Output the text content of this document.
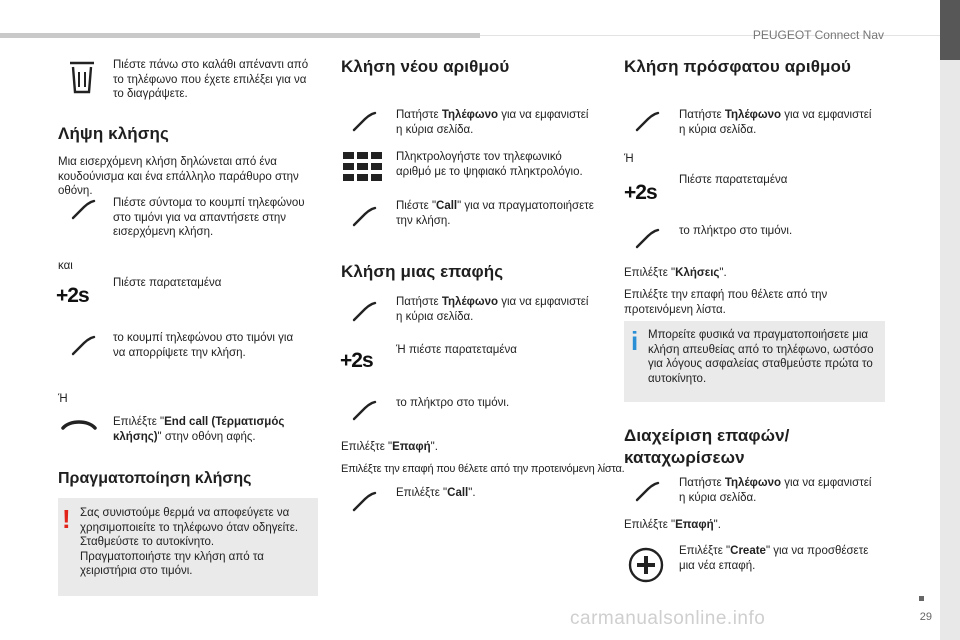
PEUGEOT Connect Nav
29
carmanualsonline.info
Πιέστε πάνω στο καλάθι απέναντι από το τηλέφωνο που έχετε επιλέξει για να το διαγράψετε.
Λήψη κλήσης
Μια εισερχόμενη κλήση δηλώνεται από ένα κουδούνισμα και ένα επάλληλο παράθυρο στην οθόνη.
Πιέστε σύντομα το κουμπί τηλεφώνου στο τιμόνι για να απαντήσετε στην εισερχόμενη κλήση.
και
+2s
Πιέστε παρατεταμένα
το κουμπί τηλεφώνου στο τιμόνι για να απορρίψετε την κλήση.
Ή
Επιλέξτε "End call (Τερματισμός κλήσης)" στην οθόνη αφής.
Πραγματοποίηση κλήσης
! Σας συνιστούμε θερμά να αποφεύγετε να χρησιμοποιείτε το τηλέφωνο όταν οδηγείτε. Σταθμεύστε το αυτοκίνητο. Πραγματοποιήστε την κλήση από τα χειριστήρια στο τιμόνι.
Κλήση νέου αριθμού
Πατήστε Τηλέφωνο για να εμφανιστεί η κύρια σελίδα.
Πληκτρολογήστε τον τηλεφωνικό αριθμό με το ψηφιακό πληκτρολόγιο.
Πιέστε "Call" για να πραγματοποιήσετε την κλήση.
Κλήση μιας επαφής
Πατήστε Τηλέφωνο για να εμφανιστεί η κύρια σελίδα.
+2s	Ή πιέστε παρατεταμένα
το πλήκτρο στο τιμόνι.
Επιλέξτε "Επαφή".
Επιλέξτε την επαφή που θέλετε από την προτεινόμενη λίστα.
Επιλέξτε "Call".
Κλήση πρόσφατου αριθμού
Πατήστε Τηλέφωνο για να εμφανιστεί η κύρια σελίδα.
Ή
+2s
Πιέστε παρατεταμένα
το πλήκτρο στο τιμόνι.
Επιλέξτε "Κλήσεις".
Επιλέξτε την επαφή που θέλετε από την προτεινόμενη λίστα.
i Μπορείτε φυσικά να πραγματοποιήσετε μια κλήση απευθείας από το τηλέφωνο, ωστόσο για λόγους ασφαλείας σταθμεύστε πρώτα το αυτοκίνητο.
Διαχείριση επαφών/
καταχωρίσεων
Πατήστε Τηλέφωνο για να εμφανιστεί η κύρια σελίδα.
Επιλέξτε "Επαφή".
Επιλέξτε "Create" για να προσθέσετε μια νέα επαφή.
